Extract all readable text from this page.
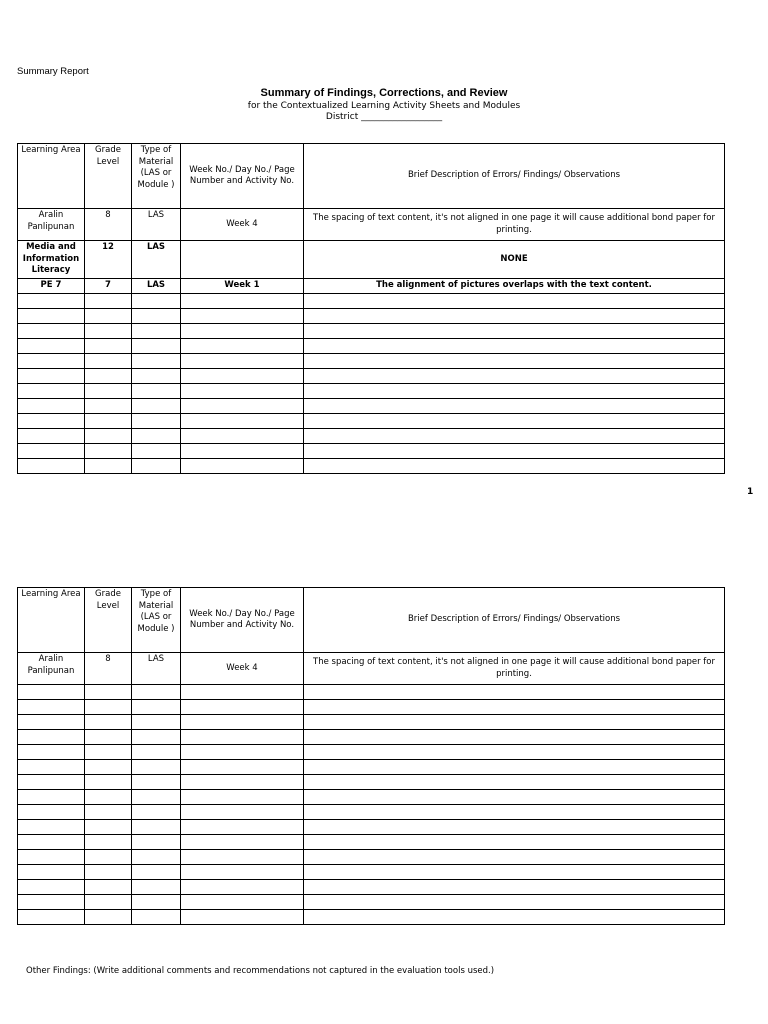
Summary Report
Summary of Findings, Corrections, and Review
for the Contextualized Learning Activity Sheets and Modules
District __________________
Learning Area	Grade Level	Type of Material (LAS or Module )	Week No./ Day No./ Page Number and Activity No.	Brief Description of Errors/ Findings/ Observations
Aralin Panlipunan	8	LAS	Week 4	The spacing of text content, it's not aligned in one page it will cause additional bond paper for printing.
Media and Information Literacy	12	LAS		NONE
PE 7	7	LAS	Week 1	The alignment of pictures overlaps with the text content.

1
Learning Area	Grade Level	Type of Material (LAS or Module )	Week No./ Day No./ Page Number and Activity No.	Brief Description of Errors/ Findings/ Observations
Aralin Panlipunan	8	LAS	Week 4	The spacing of text content, it's not aligned in one page it will cause additional bond paper for printing.

Other Findings: (Write additional comments and recommendations not captured in the evaluation tools used.)
